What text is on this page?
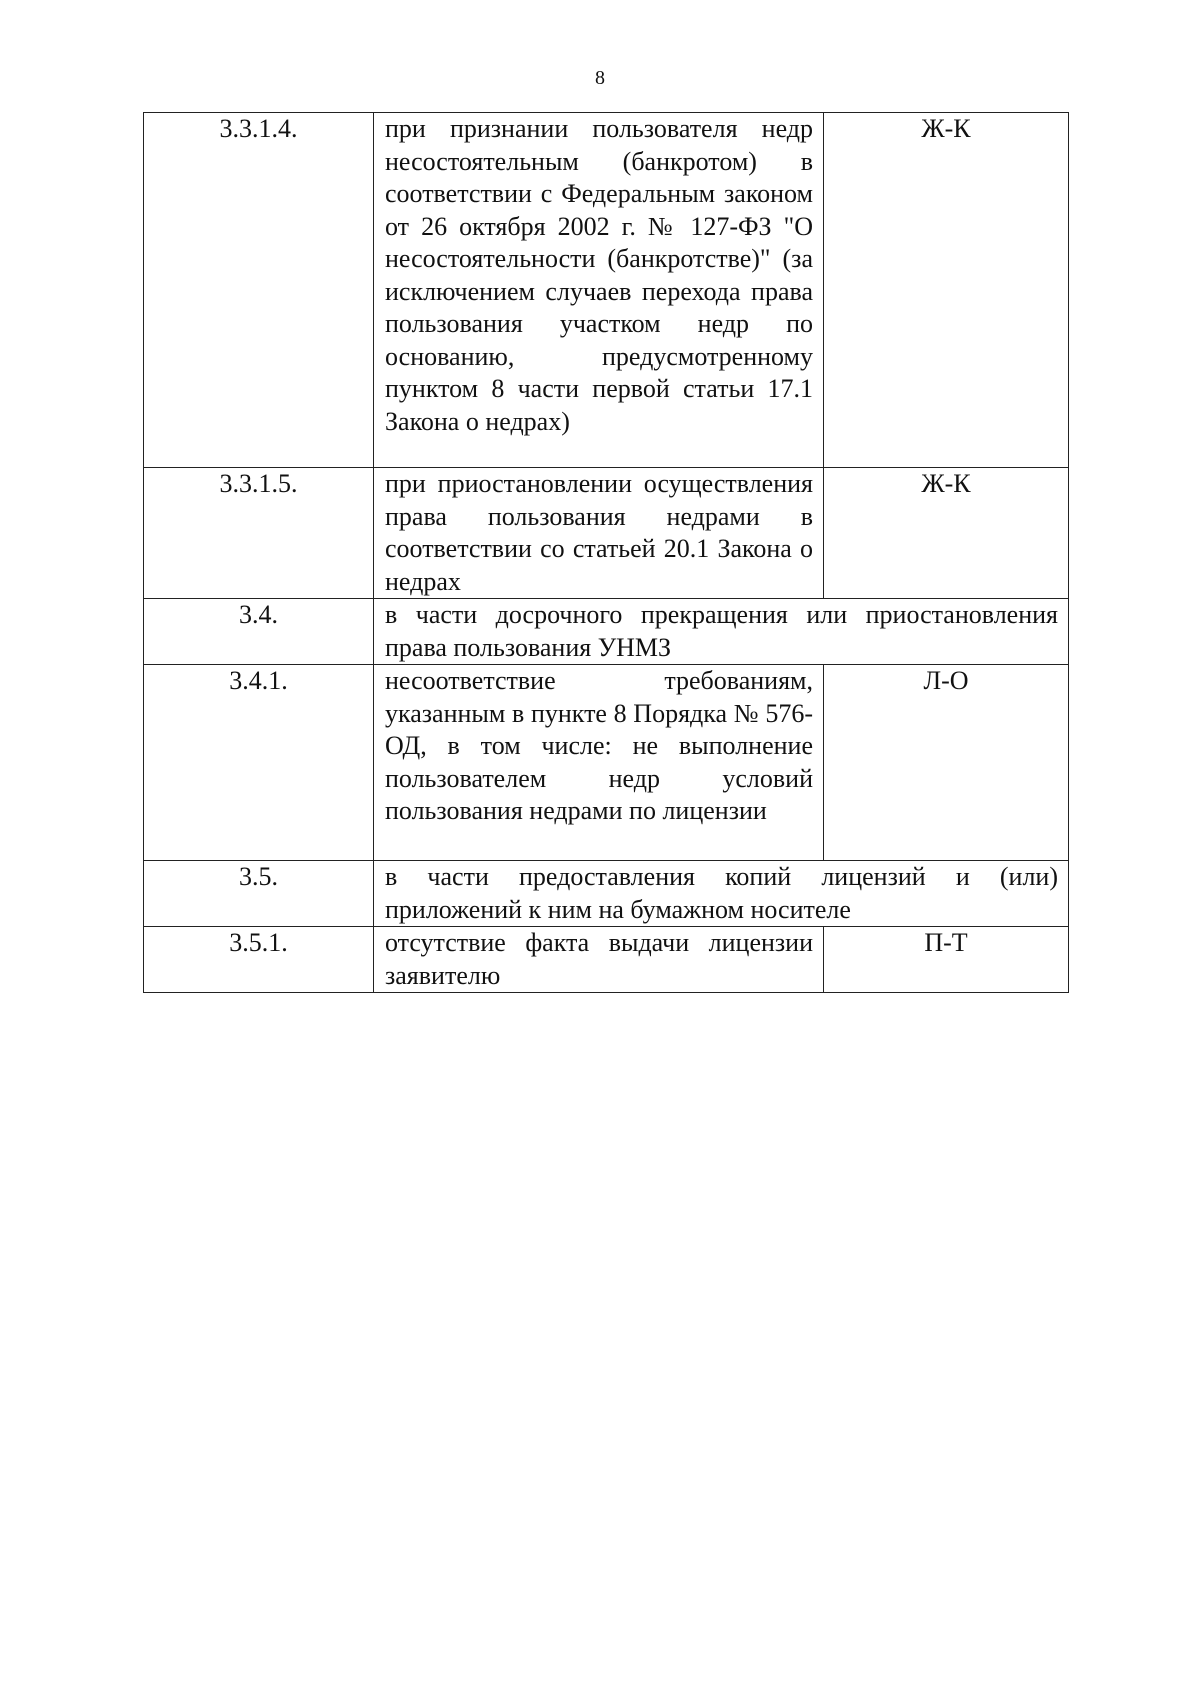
8
3.3.1.4.	при признании пользователя недр несостоятельным (банкротом) в соответствии с Федеральным законом от 26 октября 2002 г. № 127-ФЗ "О несостоятельности (банкротстве)" (за исключением случаев перехода права пользования участком недр по основанию, предусмотренному пунктом 8 части первой статьи 17.1 Закона о недрах)	Ж-К
3.3.1.5.	при приостановлении осуществления права пользования недрами в соответствии со статьей 20.1 Закона о недрах	Ж-К
3.4.	в части досрочного прекращения или приостановления права пользования УНМЗ	
3.4.1.	несоответствие требованиям, указанным в пункте 8 Порядка № 576-ОД, в том числе: не выполнение пользователем недр условий пользования недрами по лицензии	Л-О
3.5.	в части предоставления копий лицензий и (или) приложений к ним на бумажном носителе	
3.5.1.	отсутствие факта выдачи лицензии заявителю	П-Т
